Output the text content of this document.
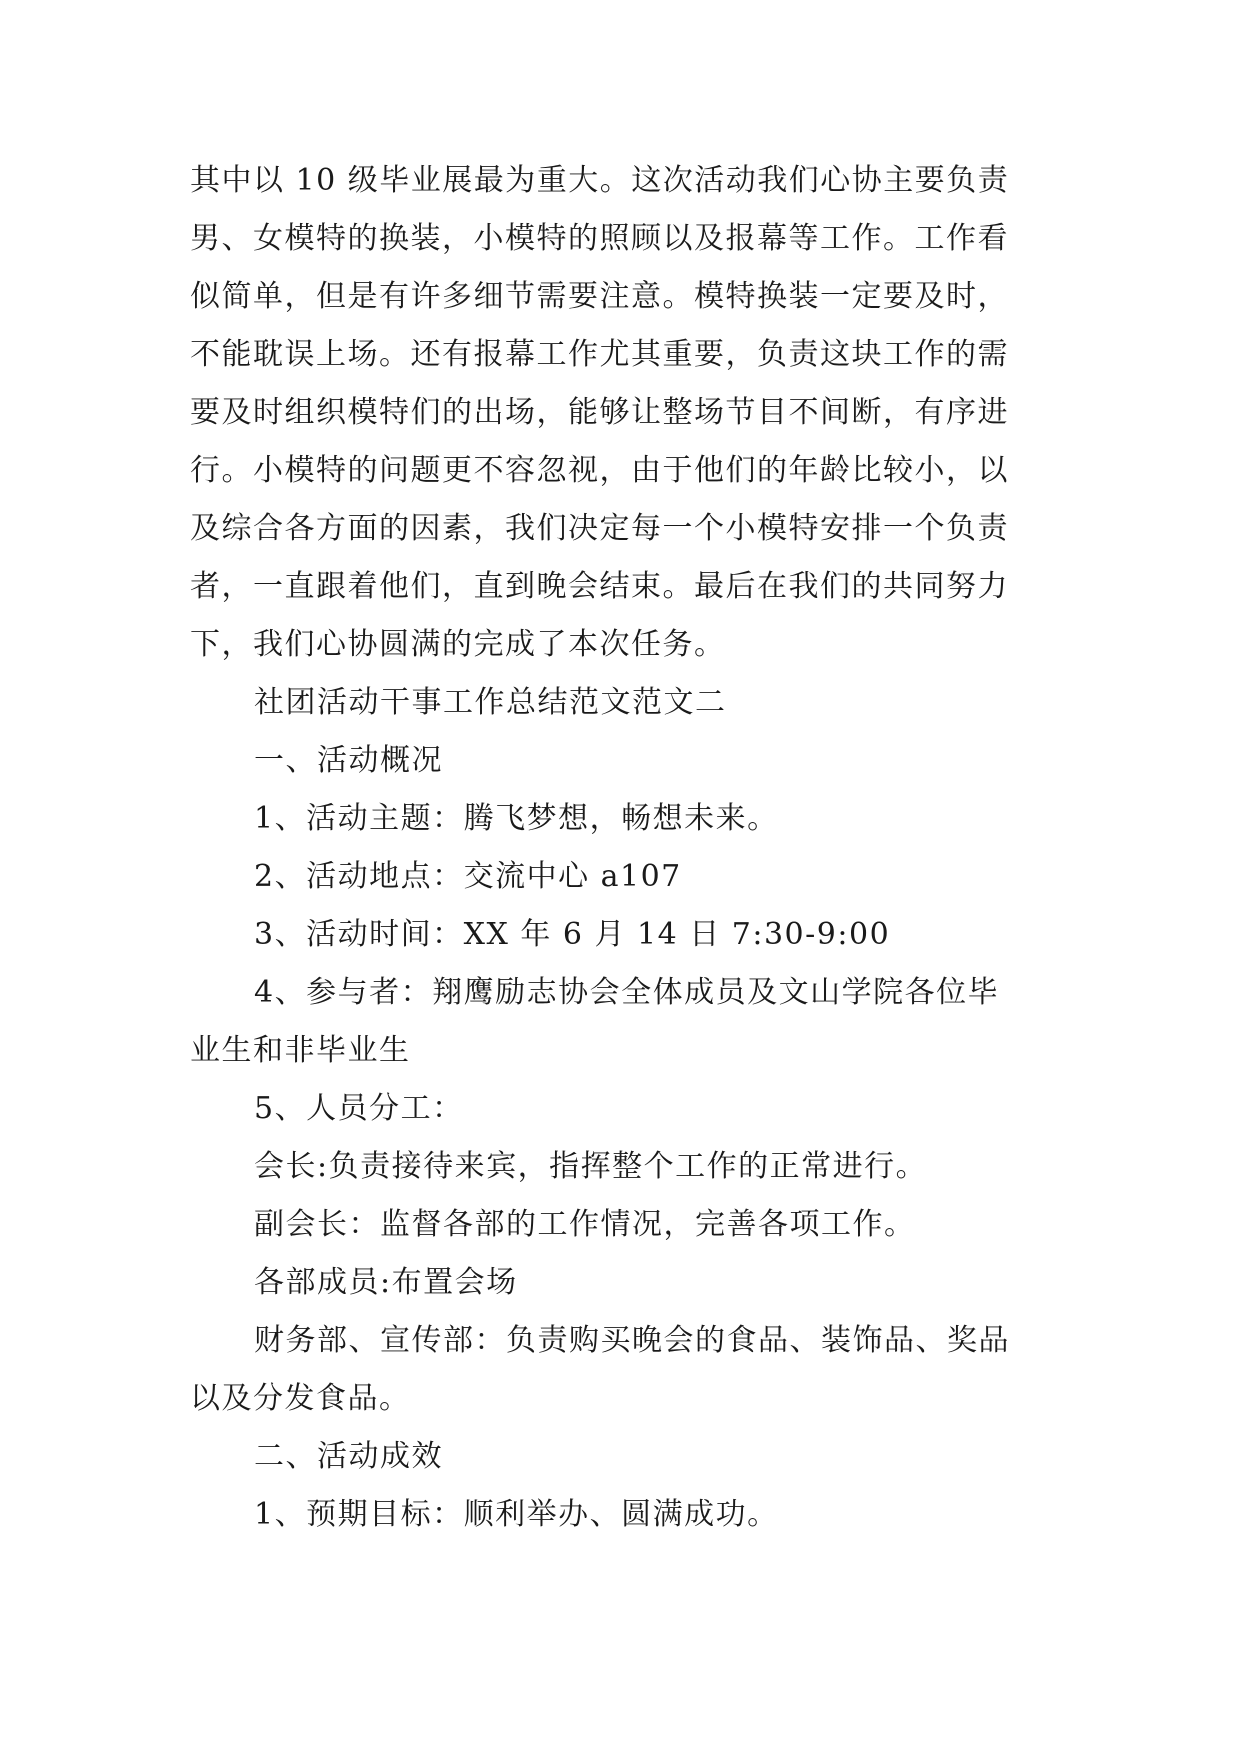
其中以 10 级毕业展最为重大。这次活动我们心协主要负责
男、女模特的换装，小模特的照顾以及报幕等工作。工作看
似简单，但是有许多细节需要注意。模特换装一定要及时，
不能耽误上场。还有报幕工作尤其重要，负责这块工作的需
要及时组织模特们的出场，能够让整场节目不间断，有序进
行。小模特的问题更不容忽视，由于他们的年龄比较小，以
及综合各方面的因素，我们决定每一个小模特安排一个负责
者，一直跟着他们，直到晚会结束。最后在我们的共同努力
下，我们心协圆满的完成了本次任务。
社团活动干事工作总结范文范文二
一、活动概况
1、活动主题：腾飞梦想，畅想未来。
2、活动地点：交流中心 a107
3、活动时间：XX 年 6 月 14 日 7:30-9:00
4、参与者：翔鹰励志协会全体成员及文山学院各位毕
业生和非毕业生
5、人员分工：
会长:负责接待来宾，指挥整个工作的正常进行。
副会长：监督各部的工作情况，完善各项工作。
各部成员:布置会场
财务部、宣传部：负责购买晚会的食品、装饰品、奖品
以及分发食品。
二、活动成效
1、预期目标：顺利举办、圆满成功。
